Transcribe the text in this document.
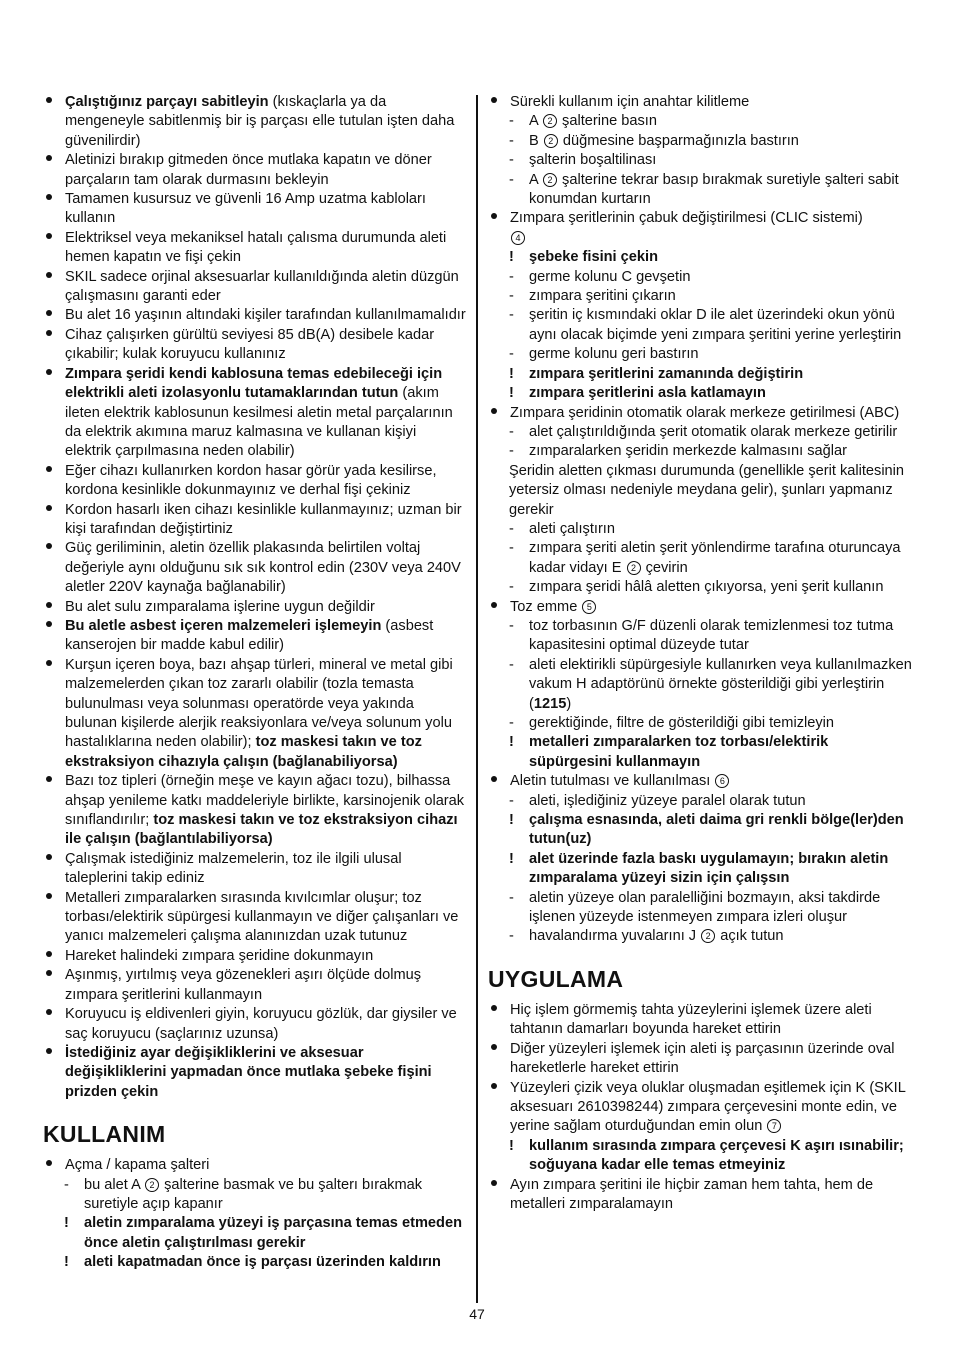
Çalıştığınız parçayı sabitleyin (kıskaçlarla ya da mengeneyle sabitlenmiş bir iş parçası elle tutulan işten daha güvenilirdir)
Aletinizi bırakıp gitmeden önce mutlaka kapatın ve döner parçaların tam olarak durmasını bekleyin
Tamamen kusursuz ve güvenli 16 Amp uzatma kabloları kullanın
Elektriksel veya mekaniksel hatalı çalısma durumunda aleti hemen kapatın ve fişi çekin
SKIL sadece orjinal aksesuarlar kullanıldığında aletin düzgün çalışmasını garanti eder
Bu alet 16 yaşının altındaki kişiler tarafından kullanılmamalıdır
Cihaz çalışırken gürültü seviyesi 85 dB(A) desibele kadar çıkabilir; kulak koruyucu kullanınız
Zımpara şeridi kendi kablosuna temas edebileceği için elektrikli aleti izolasyonlu tutamaklarından tutun (akım ileten elektrik kablosunun kesilmesi aletin metal parçalarının da elektrik akımına maruz kalmasına ve kullanan kişiyi elektrik çarpılmasına neden olabilir)
Eğer cihazı kullanırken kordon hasar görür yada kesilirse, kordona kesinlikle dokunmayınız ve derhal fişi çekiniz
Kordon hasarlı iken cihazı kesinlikle kullanmayınız; uzman bir kişi tarafından değiştirtiniz
Güç geriliminin, aletin özellik plakasında belirtilen voltaj değeriyle aynı olduğunu sık sık kontrol edin (230V veya 240V aletler 220V kaynağa bağlanabilir)
Bu alet sulu zımparalama işlerine uygun değildir
Bu aletle asbest içeren malzemeleri işlemeyin (asbest kanserojen bir madde kabul edilir)
Kurşun içeren boya, bazı ahşap türleri, mineral ve metal gibi malzemelerden çıkan toz zararlı olabilir (tozla temasta bulunulması veya solunması operatörde veya yakında bulunan kişilerde alerjik reaksiyonlara ve/veya solunum yolu hastalıklarına neden olabilir); toz maskesi takın ve toz ekstraksiyon cihazıyla çalışın (bağlanabiliyorsa)
Bazı toz tipleri (örneğin meşe ve kayın ağacı tozu), bilhassa ahşap yenileme katkı maddeleriyle birlikte, karsinojenik olarak sınıflandırılır; toz maskesi takın ve toz ekstraksiyon cihazı ile çalışın (bağlantılabiliyorsa)
Çalışmak istediğiniz malzemelerin, toz ile ilgili ulusal taleplerini takip ediniz
Metalleri zımparalarken sırasında kıvılcımlar oluşur; toz torbası/elektirik süpürgesi kullanmayın ve diğer çalışanları ve yanıcı malzemeleri çalışma alanınızdan uzak tutunuz
Hareket halindeki zımpara şeridine dokunmayın
Aşınmış, yırtılmış veya gözenekleri aşırı ölçüde dolmuş zımpara şeritlerini kullanmayın
Koruyucu iş eldivenleri giyin, koruyucu gözlük, dar giysiler ve saç koruyucu (saçlarınız uzunsa)
İstediğiniz ayar değişikliklerini ve aksesuar değişikliklerini yapmadan önce mutlaka şebeke fişini prizden çekin
KULLANIM
Açma / kapama şalteri
-	bu alet A 2 şalterine basmak ve bu şalterı bırakmak suretiyle açıp kapanır
!	aletin zımparalama yüzeyi iş parçasına temas etmeden önce aletin çalıştırılması gerekir
!	aleti kapatmadan önce iş parçası üzerinden kaldırın
Sürekli kullanım için anahtar kilitleme
-	A 2 şalterine basın
-	B 2 düğmesine başparmağınızla bastırın
-	şalterin boşaltilinası
-	A 2 şalterine tekrar basıp bırakmak suretiyle şalteri sabit konumdan kurtarın
Zımpara şeritlerinin çabuk değiştirilmesi (CLIC sistemi)
4
!	şebeke fisini çekin
-	germe kolunu C gevşetin
-	zımpara şeritini çıkarın
-	şeritin iç kısmındaki oklar D ile alet üzerindeki okun yönü aynı olacak biçimde yeni zımpara şeritini yerine yerleştirin
-	germe kolunu geri bastırın
!	zımpara şeritlerini zamanında değiştirin
!	zımpara şeritlerini asla katlamayın
Zımpara şeridinin otomatik olarak merkeze getirilmesi (ABC)
-	alet çalıştırıldığında şerit otomatik olarak merkeze getirilir
-	zımparalarken şeridin merkezde kalmasını sağlar
Şeridin aletten çıkması durumunda (genellikle şerit kalitesinin yetersiz olması nedeniyle meydana gelir), şunları yapmanız gerekir
-	aleti çalıştırın
-	zımpara şeriti aletin şerit yönlendirme tarafına oturuncaya kadar vidayı E 2 çevirin
-	zımpara şeridi hâlâ aletten çıkıyorsa, yeni şerit kullanın
Toz emme 5
-	toz torbasının G/F düzenli olarak temizlenmesi toz tutma kapasitesini optimal düzeyde tutar
-	aleti elektirikli süpürgesiyle kullanırken veya kullanılmazken vakum H adaptörünü örnekte gösterildiği gibi yerleştirin (1215)
-	gerektiğinde, filtre de gösterildiği gibi temizleyin
!	metalleri zımparalarken toz torbası/elektirik süpürgesini kullanmayın
Aletin tutulması ve kullanılması 6
-	aleti, işlediğiniz yüzeye paralel olarak tutun
!	çalışma esnasında, aleti daima gri renkli bölge(ler)den tutun(uz)
!	alet üzerinde fazla baskı uygulamayın; bırakın aletin zımparalama yüzeyi sizin için çalışsın
-	aletin yüzeye olan paralelliğini bozmayın, aksi takdirde işlenen yüzeyde istenmeyen zımpara izleri oluşur
-	havalandırma yuvalarını J 2 açık tutun
UYGULAMA
Hiç işlem görmemiş tahta yüzeylerini işlemek üzere aleti tahtanın damarları boyunda hareket ettirin
Diğer yüzeyleri işlemek için aleti iş parçasının üzerinde oval hareketlerle hareket ettirin
Yüzeyleri çizik veya oluklar oluşmadan eşitlemek için K (SKIL aksesuarı 2610398244) zımpara çerçevesini monte edin, ve yerine sağlam oturduğundan emin olun 7
!	kullanım sırasında zımpara çerçevesi K aşırı ısınabilir; soğuyana kadar elle temas etmeyiniz
Ayın zımpara şeritini ile hiçbir zaman hem tahta, hem de metalleri zımparalamayın
47
